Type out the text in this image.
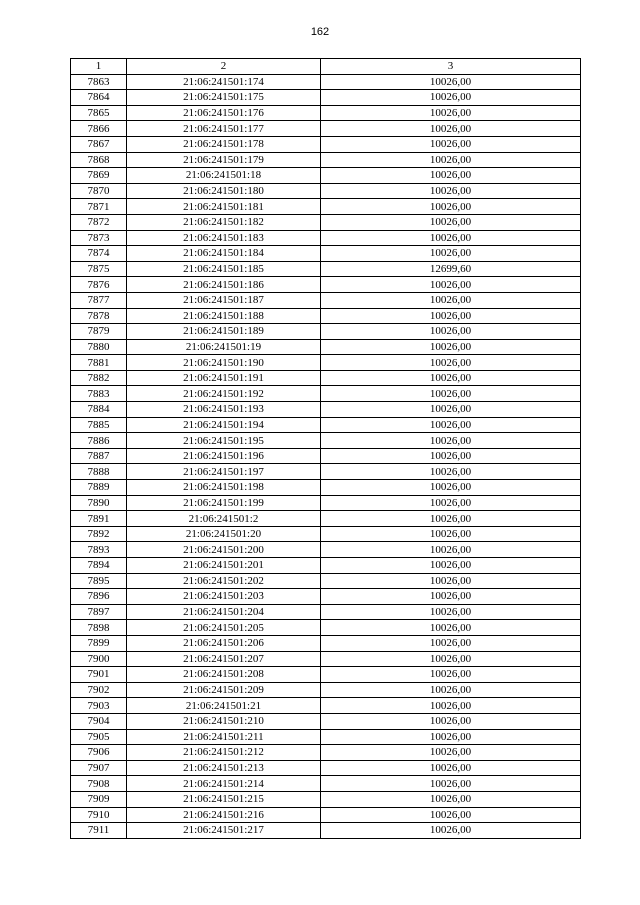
162
1	2	3
7863	21:06:241501:174	10026,00
7864	21:06:241501:175	10026,00
7865	21:06:241501:176	10026,00
7866	21:06:241501:177	10026,00
7867	21:06:241501:178	10026,00
7868	21:06:241501:179	10026,00
7869	21:06:241501:18	10026,00
7870	21:06:241501:180	10026,00
7871	21:06:241501:181	10026,00
7872	21:06:241501:182	10026,00
7873	21:06:241501:183	10026,00
7874	21:06:241501:184	10026,00
7875	21:06:241501:185	12699,60
7876	21:06:241501:186	10026,00
7877	21:06:241501:187	10026,00
7878	21:06:241501:188	10026,00
7879	21:06:241501:189	10026,00
7880	21:06:241501:19	10026,00
7881	21:06:241501:190	10026,00
7882	21:06:241501:191	10026,00
7883	21:06:241501:192	10026,00
7884	21:06:241501:193	10026,00
7885	21:06:241501:194	10026,00
7886	21:06:241501:195	10026,00
7887	21:06:241501:196	10026,00
7888	21:06:241501:197	10026,00
7889	21:06:241501:198	10026,00
7890	21:06:241501:199	10026,00
7891	21:06:241501:2	10026,00
7892	21:06:241501:20	10026,00
7893	21:06:241501:200	10026,00
7894	21:06:241501:201	10026,00
7895	21:06:241501:202	10026,00
7896	21:06:241501:203	10026,00
7897	21:06:241501:204	10026,00
7898	21:06:241501:205	10026,00
7899	21:06:241501:206	10026,00
7900	21:06:241501:207	10026,00
7901	21:06:241501:208	10026,00
7902	21:06:241501:209	10026,00
7903	21:06:241501:21	10026,00
7904	21:06:241501:210	10026,00
7905	21:06:241501:211	10026,00
7906	21:06:241501:212	10026,00
7907	21:06:241501:213	10026,00
7908	21:06:241501:214	10026,00
7909	21:06:241501:215	10026,00
7910	21:06:241501:216	10026,00
7911	21:06:241501:217	10026,00
